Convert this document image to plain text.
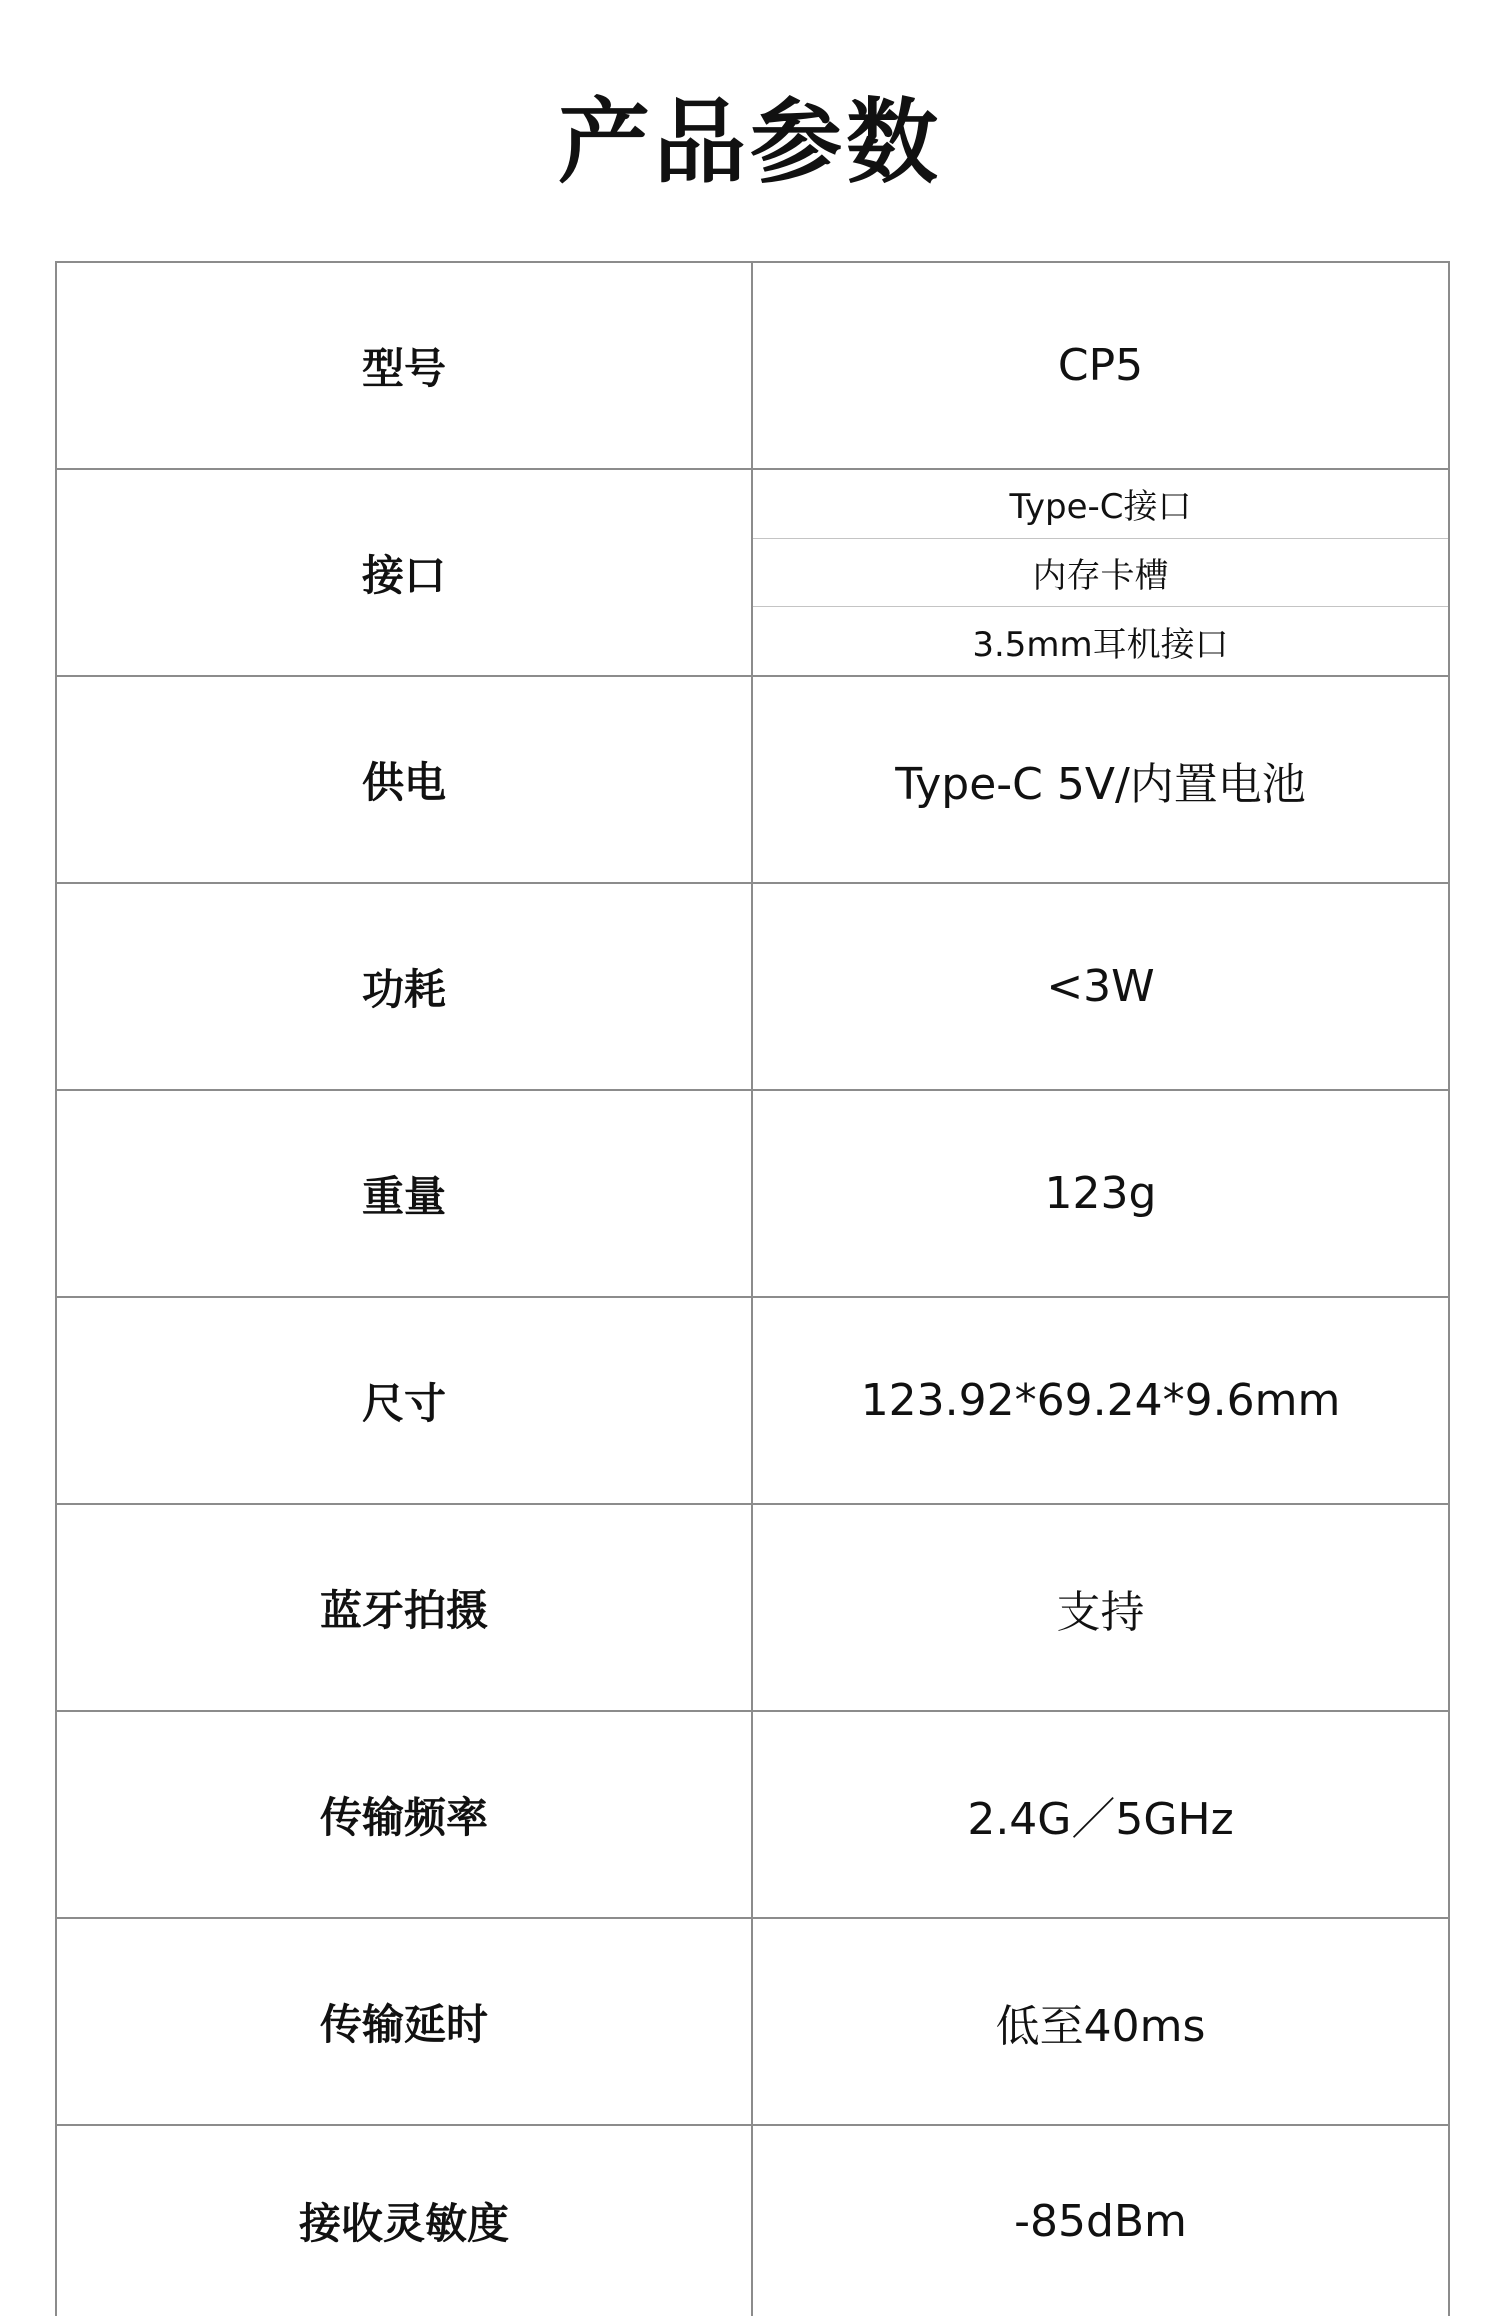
产品参数
型号	CP5
接口	Type-C接口
内存卡槽
3.5mm耳机接口

供电	Type-C 5V/内置电池
功耗	<3W
重量	123g
尺寸	123.92*69.24*9.6mm
蓝牙拍摄	支持
传输频率	2.4G／5GHz
传输延时	低至40ms
接收灵敏度	-85dBm
